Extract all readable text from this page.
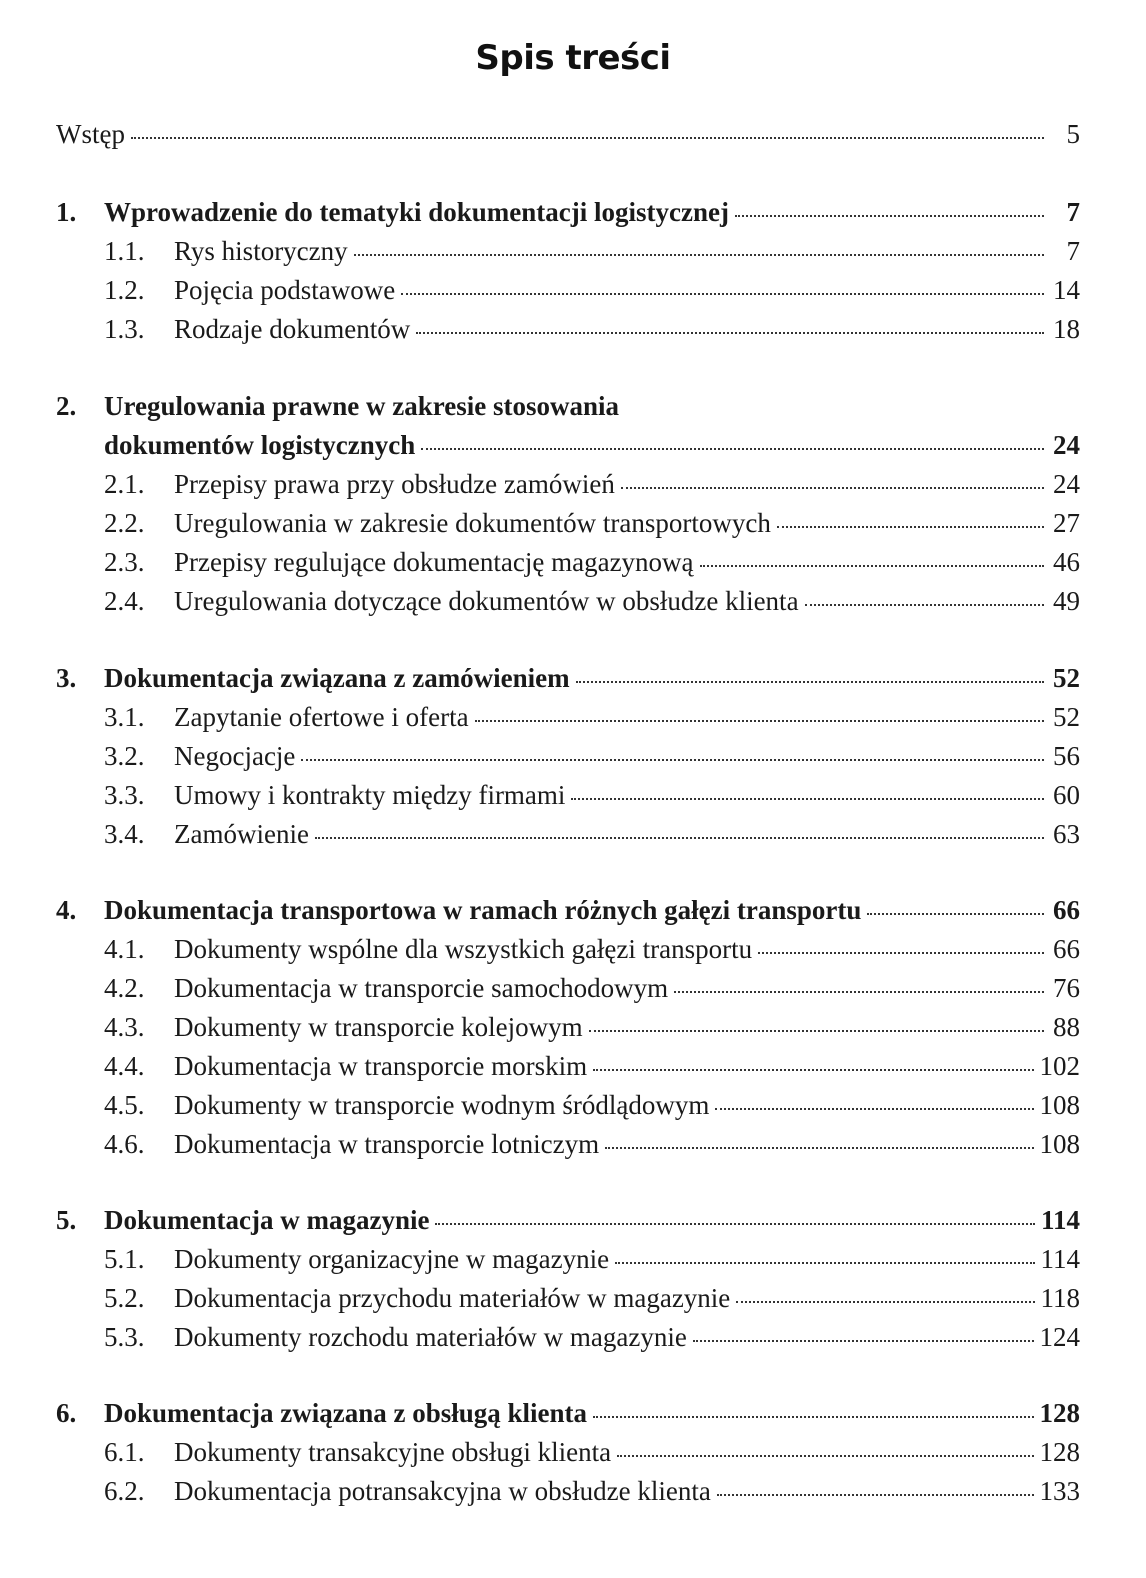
Spis treści
Wstęp	5
1.	Wprowadzenie do tematyki dokumentacji logistycznej	7
1.1.	Rys historyczny	7
1.2.	Pojęcia podstawowe	14
1.3.	Rodzaje dokumentów	18
2.	Uregulowania prawne w zakresie stosowania
dokumentów logistycznych	24
2.1.	Przepisy prawa przy obsłudze zamówień	24
2.2.	Uregulowania w zakresie dokumentów transportowych	27
2.3.	Przepisy regulujące dokumentację magazynową	46
2.4.	Uregulowania dotyczące dokumentów w obsłudze klienta	49
3.	Dokumentacja związana z zamówieniem	52
3.1.	Zapytanie ofertowe i oferta	52
3.2.	Negocjacje	56
3.3.	Umowy i kontrakty między firmami	60
3.4.	Zamówienie	63
4.	Dokumentacja transportowa w ramach różnych gałęzi transportu	66
4.1.	Dokumenty wspólne dla wszystkich gałęzi transportu	66
4.2.	Dokumentacja w transporcie samochodowym	76
4.3.	Dokumenty w transporcie kolejowym	88
4.4.	Dokumentacja w transporcie morskim	102
4.5.	Dokumenty w transporcie wodnym śródlądowym	108
4.6.	Dokumentacja w transporcie lotniczym	108
5.	Dokumentacja w magazynie	114
5.1.	Dokumenty organizacyjne w magazynie	114
5.2.	Dokumentacja przychodu materiałów w magazynie	118
5.3.	Dokumenty rozchodu materiałów w magazynie	124
6.	Dokumentacja związana z obsługą klienta	128
6.1.	Dokumenty transakcyjne obsługi klienta	128
6.2.	Dokumentacja potransakcyjna w obsłudze klienta	133
